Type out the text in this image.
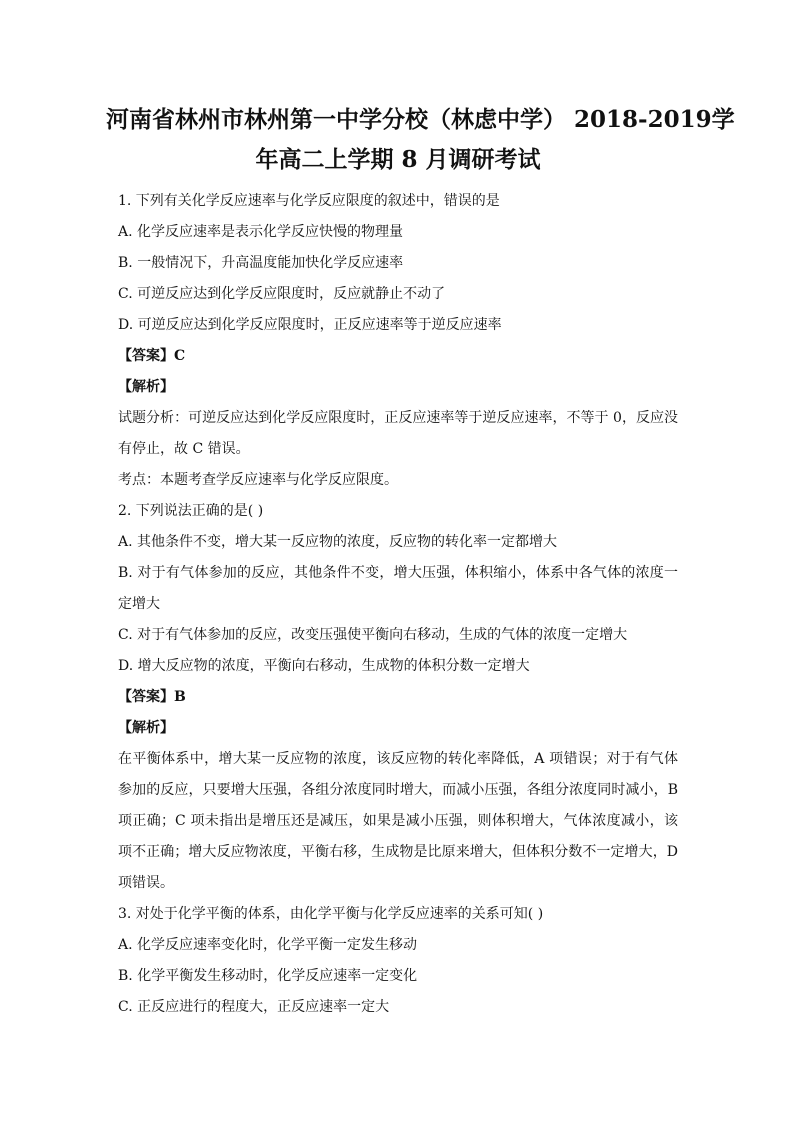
河南省林州市林州第一中学分校（林虑中学） 2018-2019学
年高二上学期 8 月调研考试
1. 下列有关化学反应速率与化学反应限度的叙述中，错误的是
A. 化学反应速率是表示化学反应快慢的物理量
B. 一般情况下，升高温度能加快化学反应速率
C. 可逆反应达到化学反应限度时，反应就静止不动了
D. 可逆反应达到化学反应限度时，正反应速率等于逆反应速率
【答案】C
【解析】
试题分析：可逆反应达到化学反应限度时，正反应速率等于逆反应速率，不等于 0，反应没有停止，故 C 错误。
考点：本题考查学反应速率与化学反应限度。
2. 下列说法正确的是( )
A. 其他条件不变，增大某一反应物的浓度，反应物的转化率一定都增大
B. 对于有气体参加的反应，其他条件不变，增大压强，体积缩小，体系中各气体的浓度一定增大
C. 对于有气体参加的反应，改变压强使平衡向右移动，生成的气体的浓度一定增大
D. 增大反应物的浓度，平衡向右移动，生成物的体积分数一定增大
【答案】B
【解析】
在平衡体系中，增大某一反应物的浓度，该反应物的转化率降低，A 项错误；对于有气体参加的反应，只要增大压强，各组分浓度同时增大，而减小压强，各组分浓度同时减小，B 项正确；C 项未指出是增压还是减压，如果是减小压强，则体积增大，气体浓度减小，该项不正确；增大反应物浓度，平衡右移，生成物是比原来增大，但体积分数不一定增大，D 项错误。
3. 对处于化学平衡的体系，由化学平衡与化学反应速率的关系可知( )
A. 化学反应速率变化时，化学平衡一定发生移动
B. 化学平衡发生移动时，化学反应速率一定变化
C. 正反应进行的程度大，正反应速率一定大
